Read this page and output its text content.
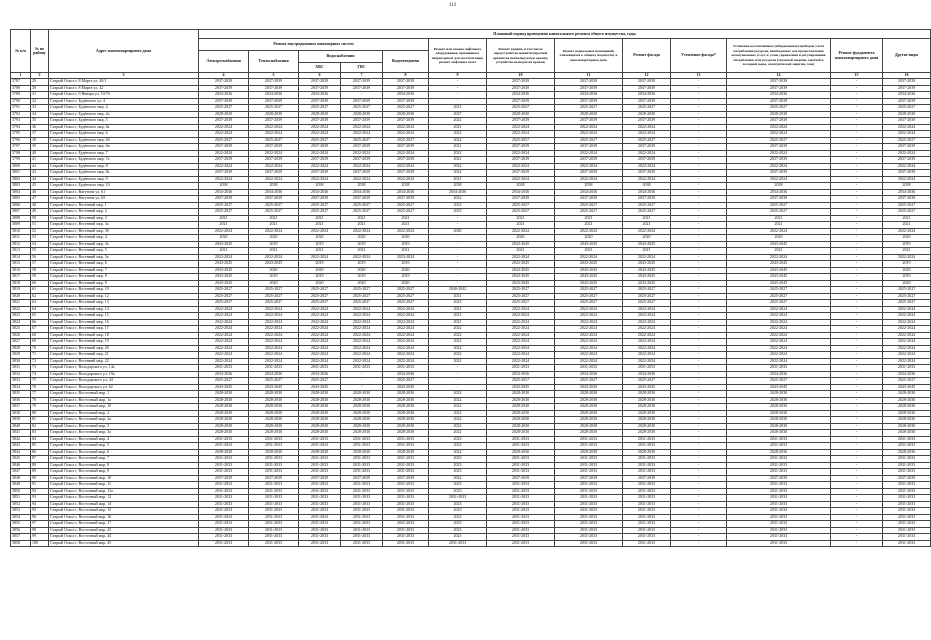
113
№ п/п	№ по району	Адрес многоквартирного дома	Плановый период проведения капитального ремонта общего имущества, годы												
			Ремонт внутридомовых инженерных систем					Ремонт или замена лифтового оборудования, признанного непригодным для эксплуатации, ремонт лифтовых шахт	Ремонт крыши, в том числе переустройство невентилируемой крыши на вентилируемую крышу, устройство выходов на кровлю	Ремонт подвальных помещений, относящихся к общему имуществу в многоквартирном доме	Ремонт фасада	Утепление фасада*	Установка коллективных (общедомовых) приборов учета потребления ресурсов, необходимых для предоставления коммунальных услуг, и узлов управления и регулирования потребления этих ресурсов (тепловой энергии, горячей и холодной воды, электрической энергии, газа)	Ремонт фундамента многоквартирного дома	Другие виды
			Электроснабжения	Теплоснабжения	Водоснабжения		Водоотведения								
					ХВС	ГВС									
1	2	3	4	5	6	7	8	9	10	11	12	13	14	15	16
3787	29	Старый Оскол г, 8 Марта ул, 40/1	2037-2039	2037-2039	2037-2039	2037-2039	2037-2039	-	2037-2039	2037-2039	2037-2039	-	2037-2039	-	2037-2039
3788	30	Старый Оскол г, 8 Марта ул, 42	2037-2039	2037-2039	2037-2039	2037-2039	2037-2039	-	2037-2039	2037-2039	2037-2039	-	2037-2039	-	2037-2039
3789	31	Старый Оскол г, 9 Января ул, 10/76	2034-2036	2034-2036	2034-2036	-	2034-2036	-	2034-2036	2034-2036	2034-2036	-	2034-2036	-	2034-2036
3790	32	Старый Оскол г, Будённого ул, 4	2037-2039	2037-2039	2037-2039	2037-2039	2037-2039	-	2037-2039	2037-2039	2037-2039	-	2037-2039	-	2037-2039
3791	33	Старый Оскол г, Будённого мкр, 4	2025-2027	2025-2027	2025-2027	2025-2027	2025-2027	2021	2025-2027	2025-2027	2025-2027	-	2025-2027	-	2025-2027
3792	34	Старый Оскол г, Будённого мкр, 4а	2028-2030	2028-2030	2028-2030	2028-2030	2028-2030	2027	2028-2030	2028-2030	2028-2030	-	2028-2030	-	2028-2030
3793	35	Старый Оскол г, Будённого мкр, 5	2037-2039	2037-2039	2037-2039	2037-2039	2037-2039	2022	2037-2039	2037-2039	2037-2039	-	2037-2039	-	2037-2039
3794	36	Старый Оскол г, Будённого мкр, 6а	2022-2024	2022-2024	2022-2024	2022-2024	2022-2024	2021	2022-2024	2022-2024	2022-2024	-	2022-2024	-	2022-2024
3795	37	Старый Оскол г, Будённого мкр, 6	2022-2024	2022-2024	2022-2024	2022-2024	2022-2024	2022	2022-2024	2022-2024	2022-2024	-	2022-2024	-	2022-2024
3796	38	Старый Оскол г, Будённого мкр, 6б	2025-2027	2025-2027	2025-2027	2025-2027	2025-2027	2022	2025-2027	2025-2027	2025-2027	-	2025-2027	-	2025-2027
3797	39	Старый Оскол г, Будённого мкр, 6в	2037-2039	2037-2039	2037-2039	2037-2039	2037-2039	2021	2037-2039	2037-2039	2037-2039	-	2037-2039	-	2037-2039
3798	40	Старый Оскол г, Будённого мкр, 7	2022-2024	2022-2024	2022-2024	2022-2024	2022-2024	2022	2022-2024	2022-2024	2022-2024	-	2022-2024	-	2022-2024
3799	41	Старый Оскол г, Будённого мкр, 7а	2037-2039	2037-2039	2037-2039	2037-2039	2037-2039	2021	2037-2039	2037-2039	2037-2039	-	2037-2039	-	2037-2039
3800	42	Старый Оскол г, Будённого мкр, 8	2022-2024	2022-2024	2022-2024	2022-2024	2022-2024	2022	2022-2024	2022-2024	2022-2024	-	2022-2024	-	2022-2024
3801	43	Старый Оскол г, Будённого мкр, 8а	2037-2039	2037-2039	2037-2039	2037-2039	2037-2039	2022	2037-2039	2037-2039	2037-2039	-	2037-2039	-	2037-2039
3802	44	Старый Оскол г, Будённого мкр, 9	2022-2024	2022-2024	2022-2024	2022-2024	2022-2024	2021	2022-2024	2022-2024	2022-2024	-	2022-2024	-	2022-2024
3803	45	Старый Оскол г, Будённого мкр, 10	2038	2038	2038	2038	2038	2038	2038	2038	2038	-	2038	-	2038
3804	46	Старый Оскол г, Ватутина ул, 61	2034-2036	2034-2036	2034-2036	2034-2036	2034-2036	2034-2036	2034-2036	2034-2036	2034-2036	-	2034-2036	-	2034-2036
3805	47	Старый Оскол г, Ватутина ул, 65	2037-2039	2037-2039	2037-2039	2037-2039	2037-2039	2022	2037-2039	2037-2039	2037-2039	-	2037-2039	-	2037-2039
3806	48	Старый Оскол г, Весенний мкр, 1	2025-2027	2025-2027	2025-2027	2025-2027	2025-2027	2023	2025-2027	2025-2027	2025-2027	-	2025-2027	-	2025-2027
3807	49	Старый Оскол г, Весенний мкр, 2	2025-2027	2025-2027	2025-2027	2025-2027	2025-2027	2023	2025-2027	2025-2027	2025-2027	-	2025-2027	-	2025-2027
3808	50	Старый Оскол г, Весенний мкр, 3	2021	2021	2021	2021	2021	-	2021	2021	2021	-	2021	-	2021
3809	51	Старый Оскол г, Весенний мкр, 3а	2021	2021	2021	2021	2021	-	2021	2021	2021	-	2021	-	2021
3810	52	Старый Оскол г, Весенний мкр, 3б	2022-2024	2022-2024	2022-2024	2022-2024	2022-2024	2040	2022-2024	2022-2024	2022-2024	-	2022-2024	-	2022-2024
3811	53	Старый Оскол г, Весенний мкр, 4	2020	2020	2020	2020	2020	-	2020	2020	2020	-	2020	-	2020
3812	54	Старый Оскол г, Весенний мкр, 4а	2043-2045	2019	2019	2019	2019	-	2043-2045	2043-2045	2043-2045	-	2043-2045	-	2019
3813	55	Старый Оскол г, Весенний мкр, 5	2021	2021	2021	2021	2021	-	2021	2021	2021	-	2021	-	2021
3814	56	Старый Оскол г, Весенний мкр, 5а	2022-2024	2022-2024	2022-2024	2022-2024	2023-2024	-	2022-2024	2022-2024	2022-2024	-	2022-2024	-	2022-2024
3815	57	Старый Оскол г, Весенний мкр, 6	2043-2045	2043-2045	2019	2019	2019	-	2043-2045	2043-2045	2043-2045	-	2043-2045	-	2019
3816	58	Старый Оскол г, Весенний мкр, 7	2043-2045	2020	2020	2020	2020	-	2043-2045	2043-2045	2043-2045	-	2043-2045	-	2020
3817	59	Старый Оскол г, Весенний мкр, 8	2043-2045	2019	2019	2019	2019	-	2043-2045	2043-2045	2043-2045	-	2043-2045	-	2019
3818	60	Старый Оскол г, Весенний мкр, 9	2043-2045	2020	2020	2020	2020	-	2043-2045	2043-2045	2043-2045	-	2043-2045	-	2020
3819	61	Старый Оскол г, Весенний мкр, 10	2025-2027	2025-2027	2025-2027	2025-2027	2025-2027	2040-2042	2025-2027	2025-2027	2025-2027	-	2025-2027	-	2025-2027
3820	62	Старый Оскол г, Весенний мкр, 12	2025-2027	2025-2027	2025-2027	2025-2027	2025-2027	2021	2025-2027	2025-2027	2025-2027	-	2025-2027	-	2025-2027
3821	63	Старый Оскол г, Весенний мкр, 13	2025-2027	2025-2027	2025-2027	2025-2027	2025-2027	2023	2025-2027	2025-2027	2025-2027	-	2025-2027	-	2025-2027
3822	64	Старый Оскол г, Весенний мкр, 14	2022-2024	2022-2024	2022-2024	2022-2024	2022-2024	2021	2022-2024	2022-2024	2022-2024	-	2022-2024	-	2022-2024
3823	65	Старый Оскол г, Весенний мкр, 15	2022-2024	2022-2024	2022-2024	2022-2024	2022-2024	2021	2022-2024	2022-2024	2022-2024	-	2022-2024	-	2022-2024
3824	66	Старый Оскол г, Весенний мкр, 16	2022-2024	2022-2024	2022-2024	2022-2024	2022-2024	2021	2022-2024	2022-2024	2022-2024	-	2022-2024	-	2022-2024
3825	67	Старый Оскол г, Весенний мкр, 17	2022-2024	2022-2024	2022-2024	2022-2024	2022-2024	2022	2022-2024	2022-2024	2022-2024	-	2022-2024	-	2022-2024
3826	68	Старый Оскол г, Весенний мкр, 18	2022-2024	2022-2024	2022-2024	2022-2024	2022-2024	2022	2022-2024	2022-2024	2022-2024	-	2022-2024	-	2022-2024
3827	69	Старый Оскол г, Весенний мкр, 19	2022-2024	2022-2024	2022-2024	2022-2024	2022-2024	2022	2022-2024	2022-2024	2022-2024	-	2022-2024	-	2022-2024
3828	70	Старый Оскол г, Весенний мкр, 20	2022-2024	2022-2024	2022-2024	2022-2024	2022-2024	2022	2022-2024	2022-2024	2022-2024	-	2022-2024	-	2022-2024
3829	71	Старый Оскол г, Весенний мкр, 21	2022-2024	2022-2024	2022-2024	2022-2024	2022-2024	2022	2022-2024	2022-2024	2022-2024	-	2022-2024	-	2022-2024
3830	72	Старый Оскол г, Весенний мкр, 22	2022-2024	2022-2024	2022-2024	2022-2024	2022-2024	2022	2022-2024	2022-2024	2022-2024	-	2022-2024	-	2022-2024
3831	73	Старый Оскол г, Володарского ул, 14а	2031-2033	2031-2033	2031-2033	2031-2033	2031-2033	-	2031-2033	2031-2033	2031-2033	-	2031-2033	-	2031-2033
3832	74	Старый Оскол г, Володарского ул, 19а	2034-2036	2034-2036	2034-2036	-	2034-2036	-	2034-2036	2034-2036	2034-2036	-	2034-2036	-	2034-2036
3833	75	Старый Оскол г, Володарского ул, 44	2025-2027	2025-2027	2025-2027	-	2025-2027	-	2025-2027	2025-2027	2025-2027	-	2025-2027	-	2025-2027
3834	76	Старый Оскол г, Володарского ул, 62	2043-2045	2043-2045	2043-2045	-	2043-2045	-	2043-2045	2043-2045	2043-2045	-	2043-2045	-	2043-2045
3835	77	Старый Оскол г, Восточный мкр, 1	2028-2030	2028-2030	2028-2030	2028-2030	2028-2030	2022	2028-2030	2028-2030	2028-2030	-	2028-2030	-	2028-2030
3836	78	Старый Оскол г, Восточный мкр, 1а	2028-2030	2028-2030	2028-2030	2028-2030	2028-2030	2022	2028-2030	2028-2030	2028-2030	-	2028-2030	-	2028-2030
3837	79	Старый Оскол г, Восточный мкр, 10	2028-2030	2028-2030	2028-2030	2028-2030	2028-2030	2022	2028-2030	2028-2030	2028-2030	-	2028-2030	-	2028-2030
3838	80	Старый Оскол г, Восточный мкр, 2	2028-2030	2028-2030	2028-2030	2028-2030	2028-2030	2022	2028-2030	2028-2030	2028-2030	-	2028-2030	-	2028-2030
3839	81	Старый Оскол г, Восточный мкр, 2а	2028-2030	2028-2030	2028-2030	2028-2030	2028-2030	2022	2028-2030	2028-2030	2028-2030	-	2028-2030	-	2028-2030
3840	82	Старый Оскол г, Восточный мкр, 3	2028-2030	2028-2030	2028-2030	2028-2030	2028-2030	2022	2028-2030	2028-2030	2028-2030	-	2028-2030	-	2028-2030
3841	83	Старый Оскол г, Восточный мкр, 3а	2028-2030	2028-2030	2028-2030	2028-2030	2028-2030	2022	2028-2030	2028-2030	2028-2030	-	2028-2030	-	2028-2030
3842	84	Старый Оскол г, Восточный мкр, 4	2031-2033	2031-2033	2031-2033	2031-2033	2031-2033	2023	2031-2033	2031-2033	2031-2033	-	2031-2033	-	2031-2033
3843	85	Старый Оскол г, Восточный мкр, 5	2031-2033	2031-2033	2031-2033	2031-2033	2031-2033	2023	2031-2033	2031-2033	2031-2033	-	2031-2033	-	2031-2033
3844	86	Старый Оскол г, Восточный мкр, 6	2028-2030	2028-2030	2028-2030	2028-2030	2028-2030	2022	2028-2030	2028-2030	2028-2030	-	2028-2030	-	2028-2030
3845	87	Старый Оскол г, Восточный мкр, 7	2031-2033	2031-2033	2031-2033	2031-2033	2031-2033	2023	2031-2033	2031-2033	2031-2033	-	2031-2033	-	2031-2033
3846	88	Старый Оскол г, Восточный мкр, 8	2031-2033	2031-2033	2031-2033	2031-2033	2031-2033	2023	2031-2033	2031-2033	2031-2033	-	2031-2033	-	2031-2033
3847	89	Старый Оскол г, Восточный мкр, 9	2031-2033	2031-2033	2031-2033	2031-2033	2031-2033	2023	2031-2033	2031-2033	2031-2033	-	2031-2033	-	2031-2033
3848	90	Старый Оскол г, Восточный мкр, 10	2037-2039	2037-2039	2037-2039	2037-2039	2037-2039	2022	2037-2039	2037-2039	2037-2039	-	2037-2039	-	2037-2039
3849	91	Старый Оскол г, Восточный мкр, 11	2031-2033	2031-2033	2031-2033	2031-2033	2031-2033	2023	2031-2033	2031-2033	2031-2033	-	2031-2033	-	2031-2033
3850	92	Старый Оскол г, Восточный мкр, 11а	2031-2033	2031-2033	2031-2033	2031-2033	2031-2033	2023	2031-2033	2031-2033	2031-2033	-	2031-2033	-	2031-2033
3851	93	Старый Оскол г, Восточный мкр, 12	2031-2033	2031-2033	2031-2033	2031-2033	2031-2033	2031-2033	2031-2033	2031-2033	2031-2033	-	2031-2033	-	2031-2033
3852	94	Старый Оскол г, Восточный мкр, 14	2031-2033	2031-2033	2031-2033	2031-2033	2031-2033	2023	2031-2033	2031-2033	2031-2033	-	2031-2033	-	2031-2033
3853	95	Старый Оскол г, Восточный мкр, 15	2031-2033	2031-2033	2031-2033	2031-2033	2031-2033	2023	2031-2033	2031-2033	2031-2033	-	2031-2033	-	2031-2033
3854	96	Старый Оскол г, Восточный мкр, 16	2031-2033	2031-2033	2031-2033	2031-2033	2031-2033	2023	2031-2033	2031-2033	2031-2033	-	2031-2033	-	2031-2033
3855	97	Старый Оскол г, Восточный мкр, 17	2031-2033	2031-2033	2031-2033	2031-2033	2031-2033	2023	2031-2033	2031-2033	2031-2033	-	2031-2033	-	2031-2033
3856	98	Старый Оскол г, Восточный мкр, 43	2031-2033	2031-2033	2031-2033	2031-2033	2031-2033	2023	2031-2033	2031-2033	2031-2033	-	2031-2033	-	2031-2033
3857	99	Старый Оскол г, Восточный мкр, 44	2031-2033	2031-2033	2031-2033	2031-2033	2031-2033	2023	2031-2033	2031-2033	2031-2033	-	2031-2033	-	2031-2033
3858	100	Старый Оскол г, Восточный мкр, 45	2031-2033	2031-2033	2031-2033	2031-2033	2031-2033	2031-2033	2031-2033	2031-2033	2031-2033	-	2031-2033	-	2031-2033
